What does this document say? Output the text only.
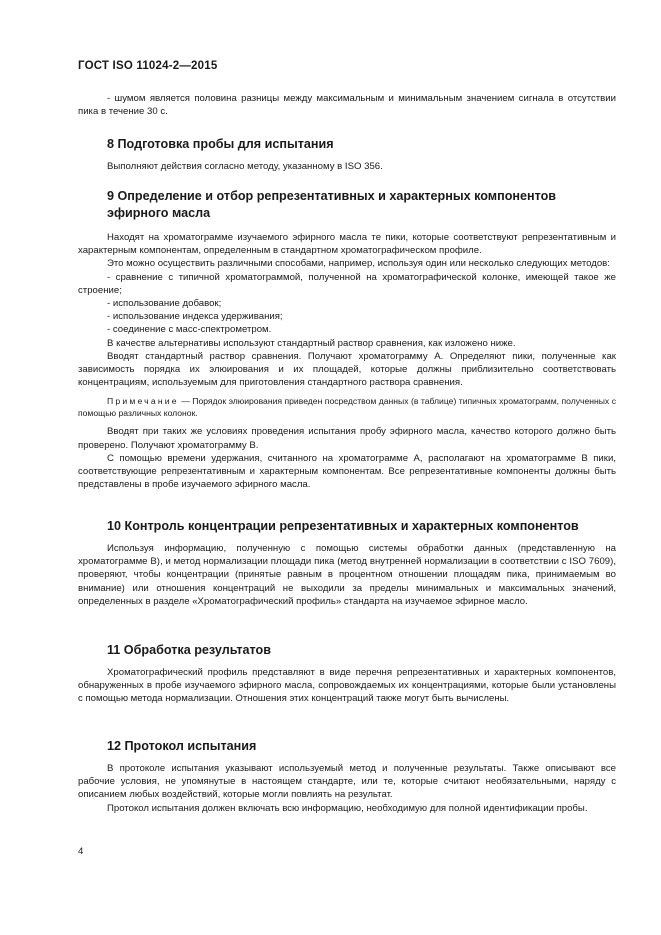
ГОСТ ISO 11024-2—2015

- шумом является половина разницы между максимальным и минимальным значением сигнала в отсутствии пика в течение 30 с.

8 Подготовка пробы для испытания

Выполняют действия согласно методу, указанному в ISO 356.

9 Определение и отбор репрезентативных и характерных компонентов
эфирного масла

Находят на хроматограмме изучаемого эфирного масла те пики, которые соответствуют репрезентативным и характерным компонентам, определенным в стандартном хроматографическом профиле.

Это можно осуществить различными способами, например, используя один или несколько следующих методов:

- сравнение с типичной хроматограммой, полученной на хроматографической колонке, имеющей такое же строение;

- использование добавок;

- использование индекса удерживания;

- соединение с масс-спектрометром.

В качестве альтернативы используют стандартный раствор сравнения, как изложено ниже.

Вводят стандартный раствор сравнения. Получают хроматограмму А. Определяют пики, полученные как зависимость порядка их элюирования и их площадей, которые должны приблизительно соответствовать концентрациям, используемым для приготовления стандартного раствора сравнения.

Примечание — Порядок элюирования приведен посредством данных (в таблице) типичных хроматограмм, полученных с помощью различных колонок.

Вводят при таких же условиях проведения испытания пробу эфирного масла, качество которого должно быть проверено. Получают хроматограмму В.

С помощью времени удержания, считанного на хроматограмме А, располагают на хроматограмме В пики, соответствующие репрезентативным и характерным компонентам. Все репрезентативные компоненты должны быть представлены в пробе изучаемого эфирного масла.

10 Контроль концентрации репрезентативных и характерных компонентов

Используя информацию, полученную с помощью системы обработки данных (представленную на хроматограмме В), и метод нормализации площади пика (метод внутренней нормализации в соответствии с ISO 7609), проверяют, чтобы концентрации (принятые равным в процентном отношении площадям пика, принимаемым во внимание) или отношения концентраций не выходили за пределы минимальных и максимальных значений, определенных в разделе «Хроматографический профиль» стандарта на изучаемое эфирное масло.

11 Обработка результатов

Хроматографический профиль представляют в виде перечня репрезентативных и характерных компонентов, обнаруженных в пробе изучаемого эфирного масла, сопровождаемых их концентрациями, которые были установлены с помощью метода нормализации. Отношения этих концентраций также могут быть вычислены.

12 Протокол испытания

В протоколе испытания указывают используемый метод и полученные результаты. Также описывают все рабочие условия, не упомянутые в настоящем стандарте, или те, которые считают необязательными, наряду с описанием любых воздействий, которые могли повлиять на результат.

Протокол испытания должен включать всю информацию, необходимую для полной идентификации пробы.

4
